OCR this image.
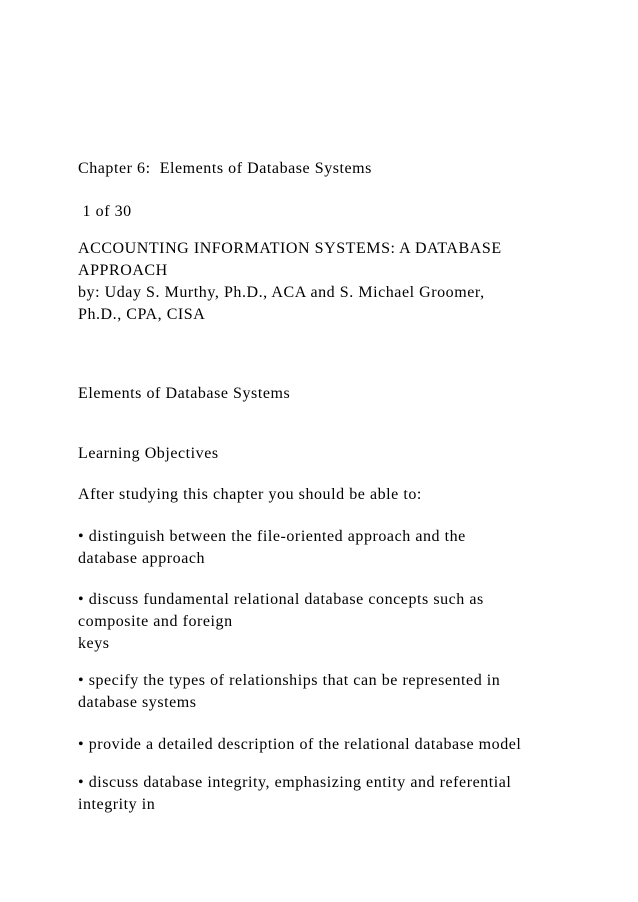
Chapter 6:  Elements of Database Systems

1 of 30

ACCOUNTING INFORMATION SYSTEMS: A DATABASE

APPROACH

by: Uday S. Murthy, Ph.D., ACA and S. Michael Groomer,

Ph.D., CPA, CISA

Elements of Database Systems

Learning Objectives

After studying this chapter you should be able to:

• distinguish between the file-oriented approach and the

database approach

• discuss fundamental relational database concepts such as

composite and foreign

keys

• specify the types of relationships that can be represented in

database systems

• provide a detailed description of the relational database model

• discuss database integrity, emphasizing entity and referential

integrity in
